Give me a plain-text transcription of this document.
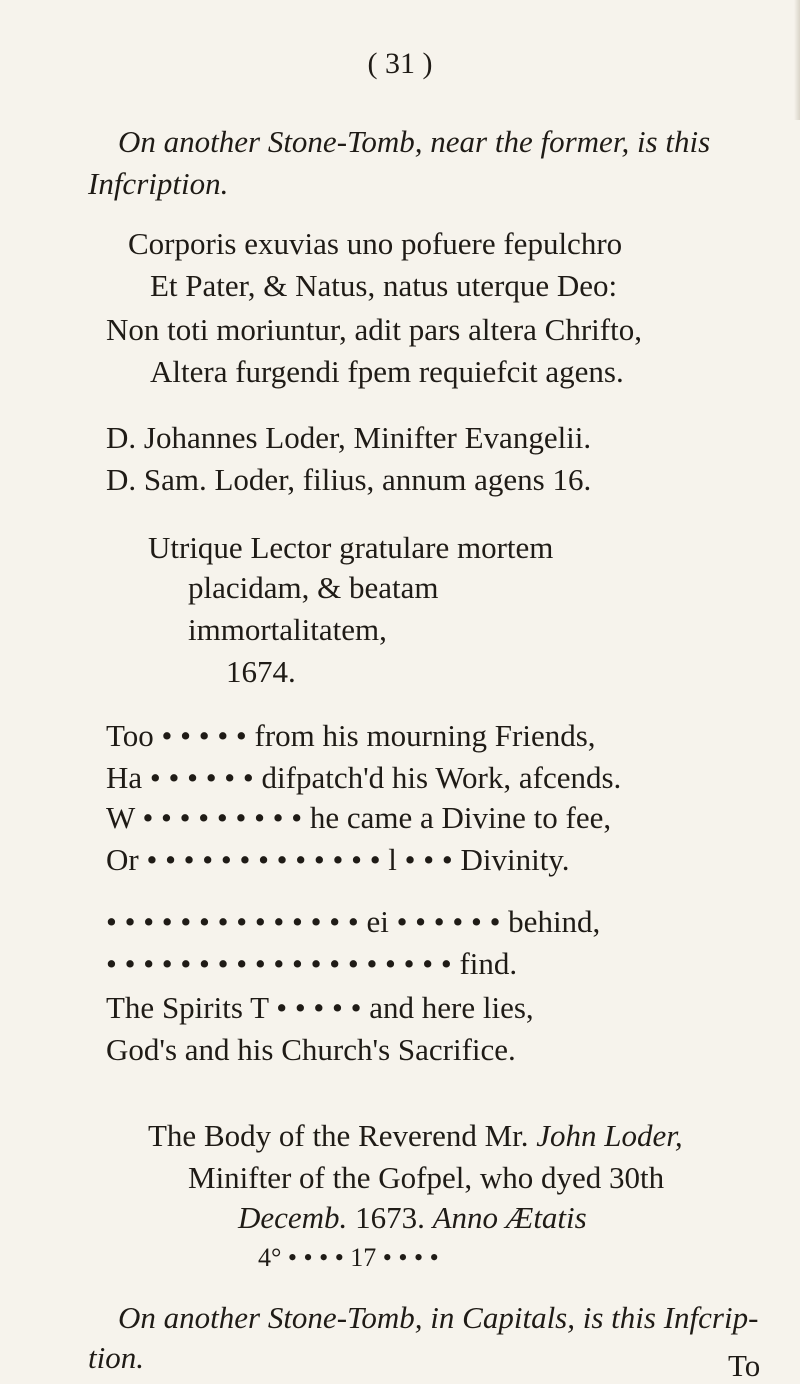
( 31 )
On another Stone-Tomb, near the former, is this
Infcription.
Corporis exuvias uno pofuere fepulchro
Et Pater, & Natus, natus uterque Deo:
Non toti moriuntur, adit pars altera Chrifto,
Altera furgendi fpem requiefcit agens.
D. Johannes Loder, Minifter Evangelii.
D. Sam. Loder, filius, annum agens 16.
Utrique Lector gratulare mortem
placidam, & beatam
immortalitatem,
1674.
Too • • • • • from his mourning Friends,
Ha • • • • • • difpatch'd his Work, afcends.
W • • • • • • • • • he came a Divine to fee,
Or • • • • • • • • • • • • • l • • • Divinity.
• • • • • • • • • • • • • • ei • • • • • • behind,
• • • • • • • • • • • • • • • • • • • find.
The Spirits T • • • • • and here lies,
God's and his Church's Sacrifice.
The Body of the Reverend Mr. John Loder,
Minifter of the Gofpel, who dyed 30th
Decemb. 1673. Anno Ætatis
4° • • • • 17 • • • •
On another Stone-Tomb, in Capitals, is this Infcrip-
tion.	To
